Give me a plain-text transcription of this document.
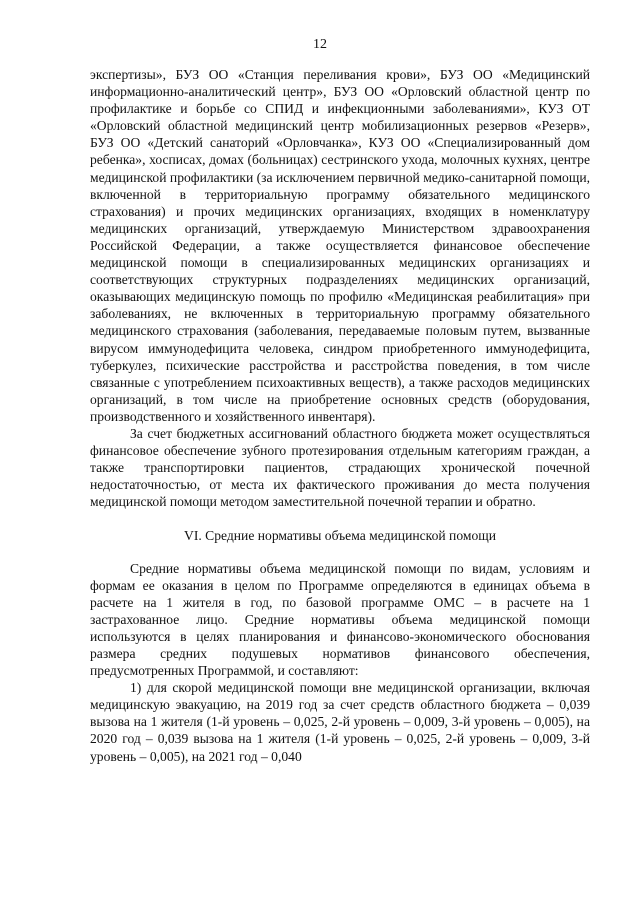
12

экспертизы», БУЗ ОО «Станция переливания крови», БУЗ ОО «Медицинский информационно-аналитический центр», БУЗ ОО «Орловский областной центр по профилактике и борьбе со СПИД и инфекционными заболеваниями», КУЗ ОТ «Орловский областной медицинский центр мобилизационных резервов «Резерв», БУЗ ОО «Детский санаторий «Орловчанка», КУЗ ОО «Специализированный дом ребенка», хосписах, домах (больницах) сестринского ухода, молочных кухнях, центре медицинской профилактики (за исключением первичной медико-санитарной помощи, включенной в территориальную программу обязательного медицинского страхования) и прочих медицинских организациях, входящих в номенклатуру медицинских организаций, утверждаемую Министерством здравоохранения Российской Федерации, а также осуществляется финансовое обеспечение медицинской помощи в специализированных медицинских организациях и соответствующих структурных подразделениях медицинских организаций, оказывающих медицинскую помощь по профилю «Медицинская реабилитация» при заболеваниях, не включенных в территориальную программу обязательного медицинского страхования (заболевания, передаваемые половым путем, вызванные вирусом иммунодефицита человека, синдром приобретенного иммунодефицита, туберкулез, психические расстройства и расстройства поведения, в том числе связанные с употреблением психоактивных веществ), а также расходов медицинских организаций, в том числе на приобретение основных средств (оборудования, производственного и хозяйственного инвентаря).

За счет бюджетных ассигнований областного бюджета может осуществляться финансовое обеспечение зубного протезирования отдельным категориям граждан, а также транспортировки пациентов, страдающих хронической почечной недостаточностью, от места их фактического проживания до места получения медицинской помощи методом заместительной почечной терапии и обратно.

VI. Средние нормативы объема медицинской помощи

Средние нормативы объема медицинской помощи по видам, условиям и формам ее оказания в целом по Программе определяются в единицах объема в расчете на 1 жителя в год, по базовой программе ОМС – в расчете на 1 застрахованное лицо. Средние нормативы объема медицинской помощи используются в целях планирования и финансово-экономического обоснования размера средних подушевых нормативов финансового обеспечения, предусмотренных Программой, и составляют:

1) для скорой медицинской помощи вне медицинской организации, включая медицинскую эвакуацию, на 2019 год за счет средств областного бюджета – 0,039 вызова на 1 жителя (1-й уровень – 0,025, 2-й уровень – 0,009, 3-й уровень – 0,005), на 2020 год – 0,039 вызова на 1 жителя (1-й уровень – 0,025, 2-й уровень – 0,009, 3-й уровень – 0,005), на 2021 год – 0,040
